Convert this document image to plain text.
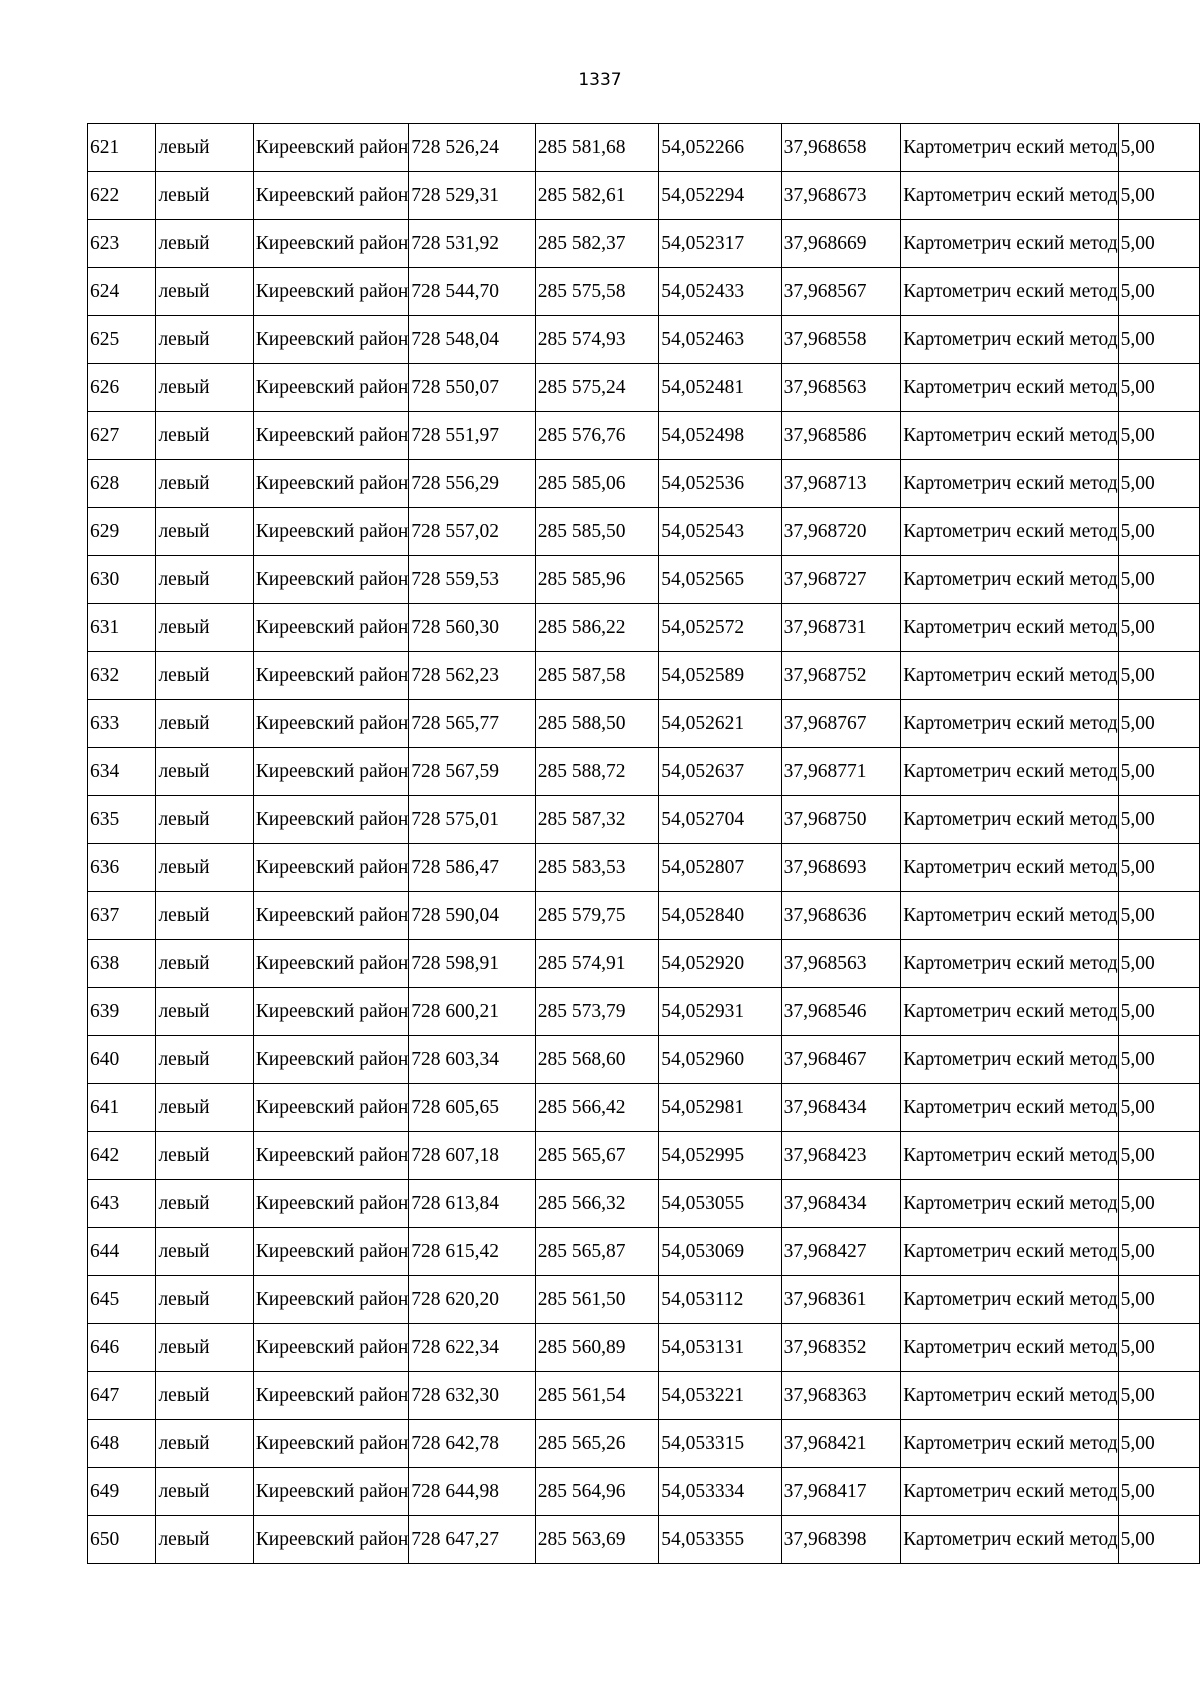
1337
621	левый	Киреевский район	728 526,24	285 581,68	54,052266	37,968658	Картометрич еский метод	5,00
622	левый	Киреевский район	728 529,31	285 582,61	54,052294	37,968673	Картометрич еский метод	5,00
623	левый	Киреевский район	728 531,92	285 582,37	54,052317	37,968669	Картометрич еский метод	5,00
624	левый	Киреевский район	728 544,70	285 575,58	54,052433	37,968567	Картометрич еский метод	5,00
625	левый	Киреевский район	728 548,04	285 574,93	54,052463	37,968558	Картометрич еский метод	5,00
626	левый	Киреевский район	728 550,07	285 575,24	54,052481	37,968563	Картометрич еский метод	5,00
627	левый	Киреевский район	728 551,97	285 576,76	54,052498	37,968586	Картометрич еский метод	5,00
628	левый	Киреевский район	728 556,29	285 585,06	54,052536	37,968713	Картометрич еский метод	5,00
629	левый	Киреевский район	728 557,02	285 585,50	54,052543	37,968720	Картометрич еский метод	5,00
630	левый	Киреевский район	728 559,53	285 585,96	54,052565	37,968727	Картометрич еский метод	5,00
631	левый	Киреевский район	728 560,30	285 586,22	54,052572	37,968731	Картометрич еский метод	5,00
632	левый	Киреевский район	728 562,23	285 587,58	54,052589	37,968752	Картометрич еский метод	5,00
633	левый	Киреевский район	728 565,77	285 588,50	54,052621	37,968767	Картометрич еский метод	5,00
634	левый	Киреевский район	728 567,59	285 588,72	54,052637	37,968771	Картометрич еский метод	5,00
635	левый	Киреевский район	728 575,01	285 587,32	54,052704	37,968750	Картометрич еский метод	5,00
636	левый	Киреевский район	728 586,47	285 583,53	54,052807	37,968693	Картометрич еский метод	5,00
637	левый	Киреевский район	728 590,04	285 579,75	54,052840	37,968636	Картометрич еский метод	5,00
638	левый	Киреевский район	728 598,91	285 574,91	54,052920	37,968563	Картометрич еский метод	5,00
639	левый	Киреевский район	728 600,21	285 573,79	54,052931	37,968546	Картометрич еский метод	5,00
640	левый	Киреевский район	728 603,34	285 568,60	54,052960	37,968467	Картометрич еский метод	5,00
641	левый	Киреевский район	728 605,65	285 566,42	54,052981	37,968434	Картометрич еский метод	5,00
642	левый	Киреевский район	728 607,18	285 565,67	54,052995	37,968423	Картометрич еский метод	5,00
643	левый	Киреевский район	728 613,84	285 566,32	54,053055	37,968434	Картометрич еский метод	5,00
644	левый	Киреевский район	728 615,42	285 565,87	54,053069	37,968427	Картометрич еский метод	5,00
645	левый	Киреевский район	728 620,20	285 561,50	54,053112	37,968361	Картометрич еский метод	5,00
646	левый	Киреевский район	728 622,34	285 560,89	54,053131	37,968352	Картометрич еский метод	5,00
647	левый	Киреевский район	728 632,30	285 561,54	54,053221	37,968363	Картометрич еский метод	5,00
648	левый	Киреевский район	728 642,78	285 565,26	54,053315	37,968421	Картометрич еский метод	5,00
649	левый	Киреевский район	728 644,98	285 564,96	54,053334	37,968417	Картометрич еский метод	5,00
650	левый	Киреевский район	728 647,27	285 563,69	54,053355	37,968398	Картометрич еский метод	5,00
